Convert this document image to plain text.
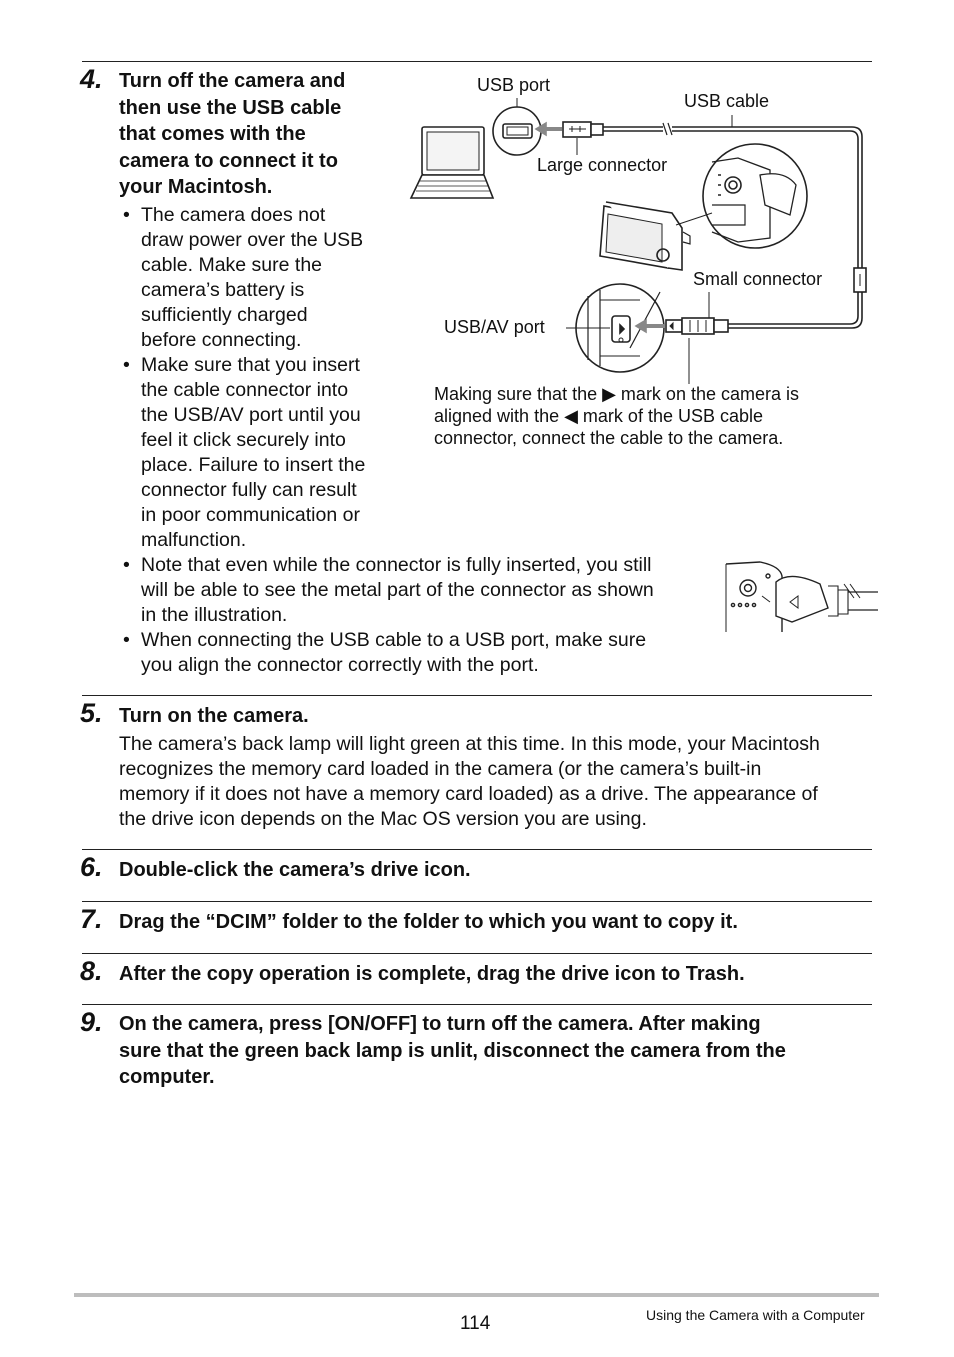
4. Turn off the camera and
then use the USB cable
that comes with the
camera to connect it to
your Macintosh.
• The camera does not
draw power over the USB
cable. Make sure the
camera’s battery is
sufficiently charged
before connecting.
• Make sure that you insert
the cable connector into
the USB/AV port until you
feel it click securely into
place. Failure to insert the
connector fully can result
in poor communication or
malfunction.
• Note that even while the connector is fully inserted, you still
will be able to see the metal part of the connector as shown
in the illustration.
• When connecting the USB cable to a USB port, make sure
you align the connector correctly with the port.
USB port
USB cable
Large connector
Small connector
USB/AV port
Making sure that the ▶ mark on the camera is
aligned with the ◀ mark of the USB cable
connector, connect the cable to the camera.
5. Turn on the camera.
The camera’s back lamp will light green at this time. In this mode, your Macintosh
recognizes the memory card loaded in the camera (or the camera’s built-in
memory if it does not have a memory card loaded) as a drive. The appearance of
the drive icon depends on the Mac OS version you are using.
6. Double-click the camera’s drive icon.
7. Drag the “DCIM” folder to the folder to which you want to copy it.
8. After the copy operation is complete, drag the drive icon to Trash.
9. On the camera, press [ON/OFF] to turn off the camera. After making
sure that the green back lamp is unlit, disconnect the camera from the
computer.
114	Using the Camera with a Computer
